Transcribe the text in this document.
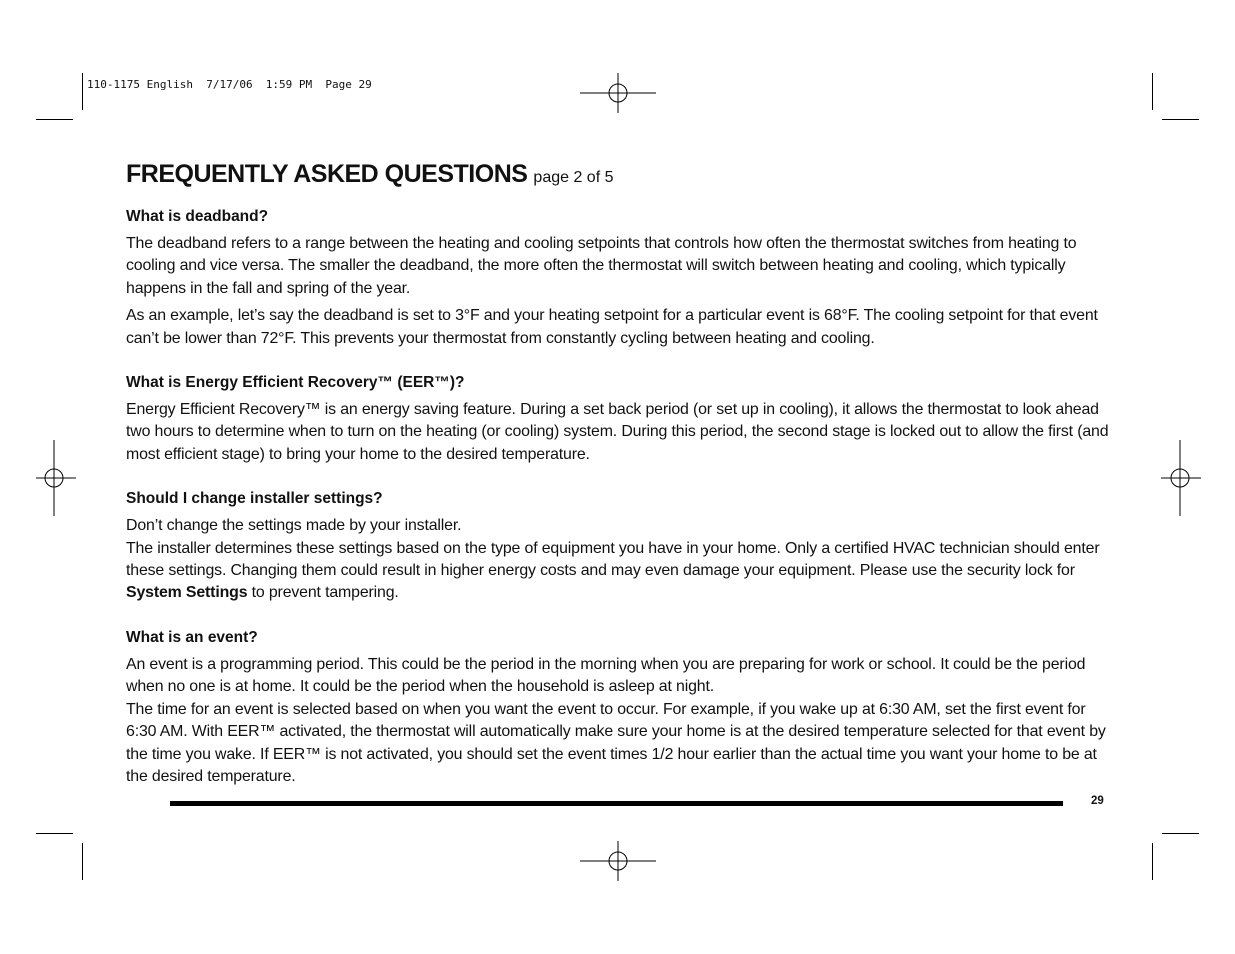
110-1175 English  7/17/06  1:59 PM  Page 29
FREQUENTLY ASKED QUESTIONS page 2 of 5

What is deadband?

The deadband refers to a range between the heating and cooling setpoints that controls how often the thermostat switches from heating to cooling and vice versa. The smaller the deadband, the more often the thermostat will switch between heating and cooling, which typically happens in the fall and spring of the year.

As an example, let’s say the deadband is set to 3°F and your heating setpoint for a particular event is 68°F. The cooling setpoint for that event can’t be lower than 72°F. This prevents your thermostat from constantly cycling between heating and cooling.

What is Energy Efficient Recovery™ (EER™)?

Energy Efficient Recovery™ is an energy saving feature. During a set back period (or set up in cooling), it allows the thermostat to look ahead two hours to determine when to turn on the heating (or cooling) system. During this period, the second stage is locked out to allow the first (and most efficient stage) to bring your home to the desired temperature.

Should I change installer settings?

Don’t change the settings made by your installer.

The installer determines these settings based on the type of equipment you have in your home. Only a certified HVAC technician should enter these settings. Changing them could result in higher energy costs and may even damage your equipment. Please use the security lock for System Settings to prevent tampering.

What is an event?

An event is a programming period. This could be the period in the morning when you are preparing for work or school. It could be the period when no one is at home. It could be the period when the household is asleep at night.

The time for an event is selected based on when you want the event to occur. For example, if you wake up at 6:30 AM, set the first event for 6:30 AM. With EER™ activated, the thermostat will automatically make sure your home is at the desired temperature selected for that event by the time you wake. If EER™ is not activated, you should set the event times 1/2 hour earlier than the actual time you want your home to be at the desired temperature.

29
